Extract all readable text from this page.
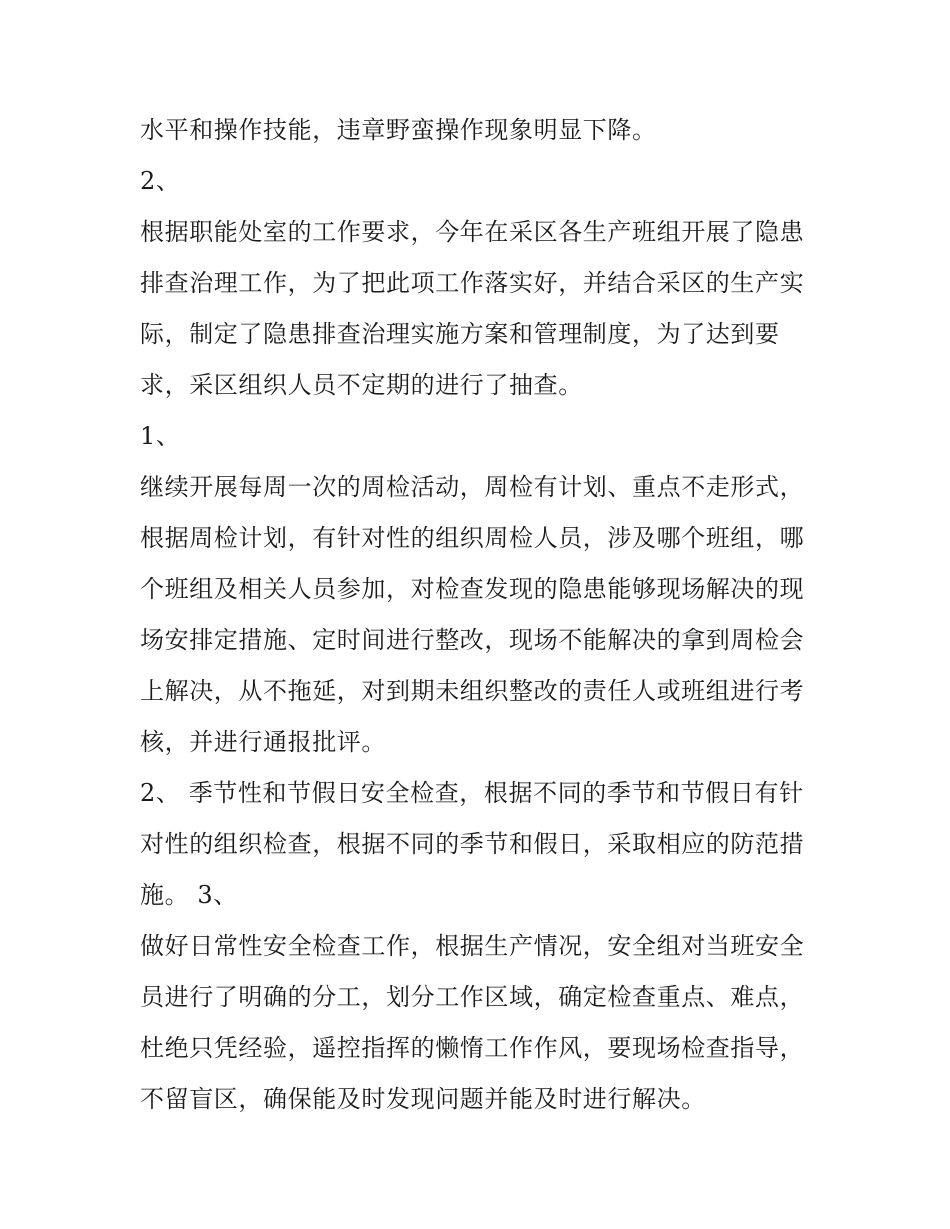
水平和操作技能，违章野蛮操作现象明显下降。

2、

根据职能处室的工作要求，今年在采区各生产班组开展了隐患

排查治理工作，为了把此项工作落实好，并结合采区的生产实

际，制定了隐患排查治理实施方案和管理制度，为了达到要

求，采区组织人员不定期的进行了抽查。

1、

继续开展每周一次的周检活动，周检有计划、重点不走形式，

根据周检计划，有针对性的组织周检人员，涉及哪个班组，哪

个班组及相关人员参加，对检查发现的隐患能够现场解决的现

场安排定措施、定时间进行整改，现场不能解决的拿到周检会

上解决，从不拖延，对到期未组织整改的责任人或班组进行考

核，并进行通报批评。

2、 季节性和节假日安全检查，根据不同的季节和节假日有针

对性的组织检查，根据不同的季节和假日，采取相应的防范措

施。 3、

做好日常性安全检查工作，根据生产情况，安全组对当班安全

员进行了明确的分工，划分工作区域，确定检查重点、难点，

杜绝只凭经验，遥控指挥的懒惰工作作风，要现场检查指导，

不留盲区，确保能及时发现问题并能及时进行解决。
